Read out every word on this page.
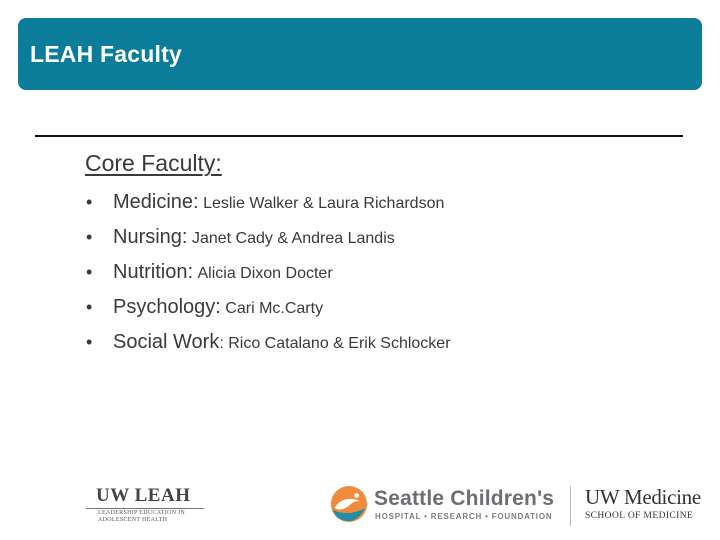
LEAH Faculty
Core Faculty:
•	Medicine:
Leslie Walker & Laura Richardson
•	Nursing:
Janet Cady & Andrea Landis
•	Nutrition:
Alicia Dixon Docter
•	Psychology:
Cari Mc.Carty
•	Social Work : Rico Catalano & Erik Schlocker
UW LEAH
LEADERSHIP EDUCATION IN
ADOLESCENT HEALTH
Seattle Children's
HOSPITAL • RESEARCH • FOUNDATION
UW Medicine
SCHOOL OF MEDICINE
